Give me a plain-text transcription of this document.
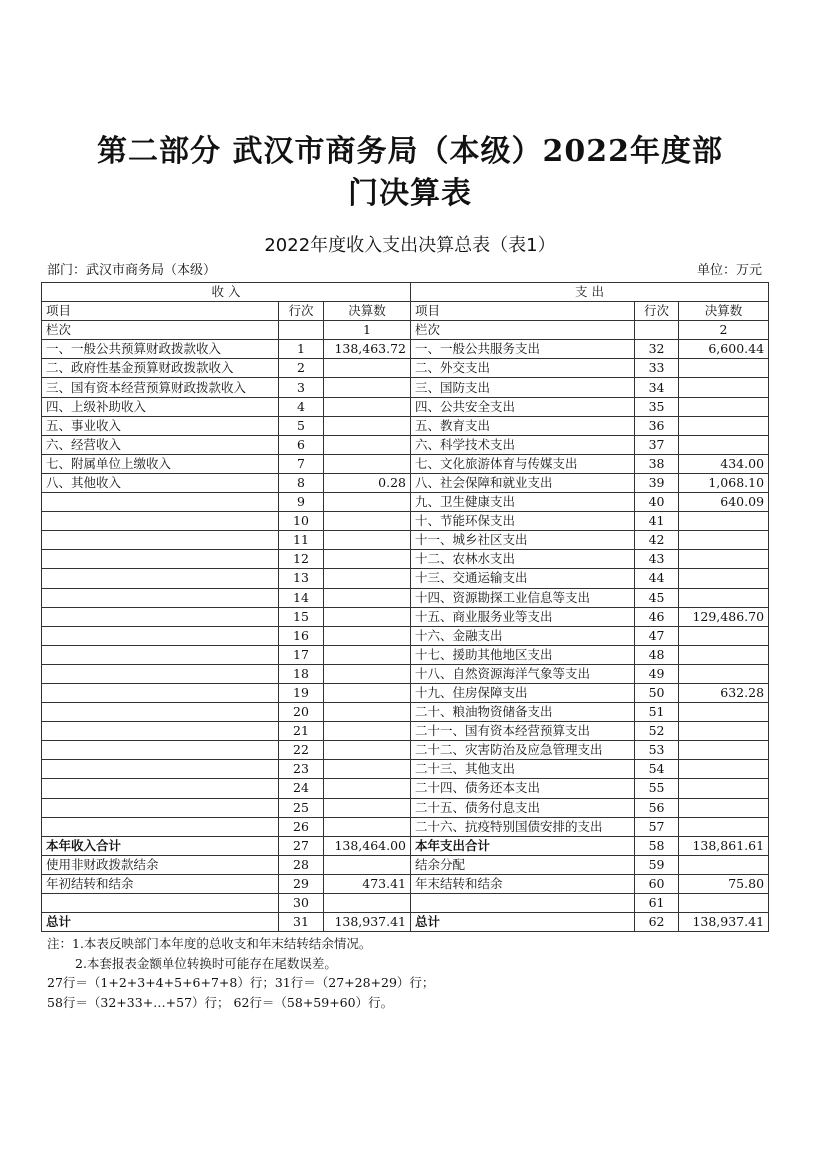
第二部分 武汉市商务局（本级）2022年度部
门决算表
2022年度收入支出决算总表（表1）
部门：武汉市商务局（本级）	单位：万元
收 入			支 出		
项目	行次	决算数	项目	行次	决算数
栏次		1	栏次		2
一、一般公共预算财政拨款收入	1	138,463.72	一、一般公共服务支出	32	6,600.44
二、政府性基金预算财政拨款收入	2		二、外交支出	33	
三、国有资本经营预算财政拨款收入	3		三、国防支出	34	
四、上级补助收入	4		四、公共安全支出	35	
五、事业收入	5		五、教育支出	36	
六、经营收入	6		六、科学技术支出	37	
七、附属单位上缴收入	7		七、文化旅游体育与传媒支出	38	434.00
八、其他收入	8	0.28	八、社会保障和就业支出	39	1,068.10
	9		九、卫生健康支出	40	640.09
	10		十、节能环保支出	41	
	11		十一、城乡社区支出	42	
	12		十二、农林水支出	43	
	13		十三、交通运输支出	44	
	14		十四、资源勘探工业信息等支出	45	
	15		十五、商业服务业等支出	46	129,486.70
	16		十六、金融支出	47	
	17		十七、援助其他地区支出	48	
	18		十八、自然资源海洋气象等支出	49	
	19		十九、住房保障支出	50	632.28
	20		二十、粮油物资储备支出	51	
	21		二十一、国有资本经营预算支出	52	
	22		二十二、灾害防治及应急管理支出	53	
	23		二十三、其他支出	54	
	24		二十四、债务还本支出	55	
	25		二十五、债务付息支出	56	
	26		二十六、抗疫特别国债安排的支出	57	
本年收入合计	27	138,464.00	本年支出合计	58	138,861.61
使用非财政拨款结余	28		结余分配	59	
年初结转和结余	29	473.41	年末结转和结余	60	75.80
	30			61	
总计	31	138,937.41	总计	62	138,937.41
注：1.本表反映部门本年度的总收支和年末结转结余情况。
2.本套报表金额单位转换时可能存在尾数误差。
27行＝（1+2+3+4+5+6+7+8）行；31行＝（27+28+29）行；
58行＝（32+33+…+57）行； 62行＝（58+59+60）行。
